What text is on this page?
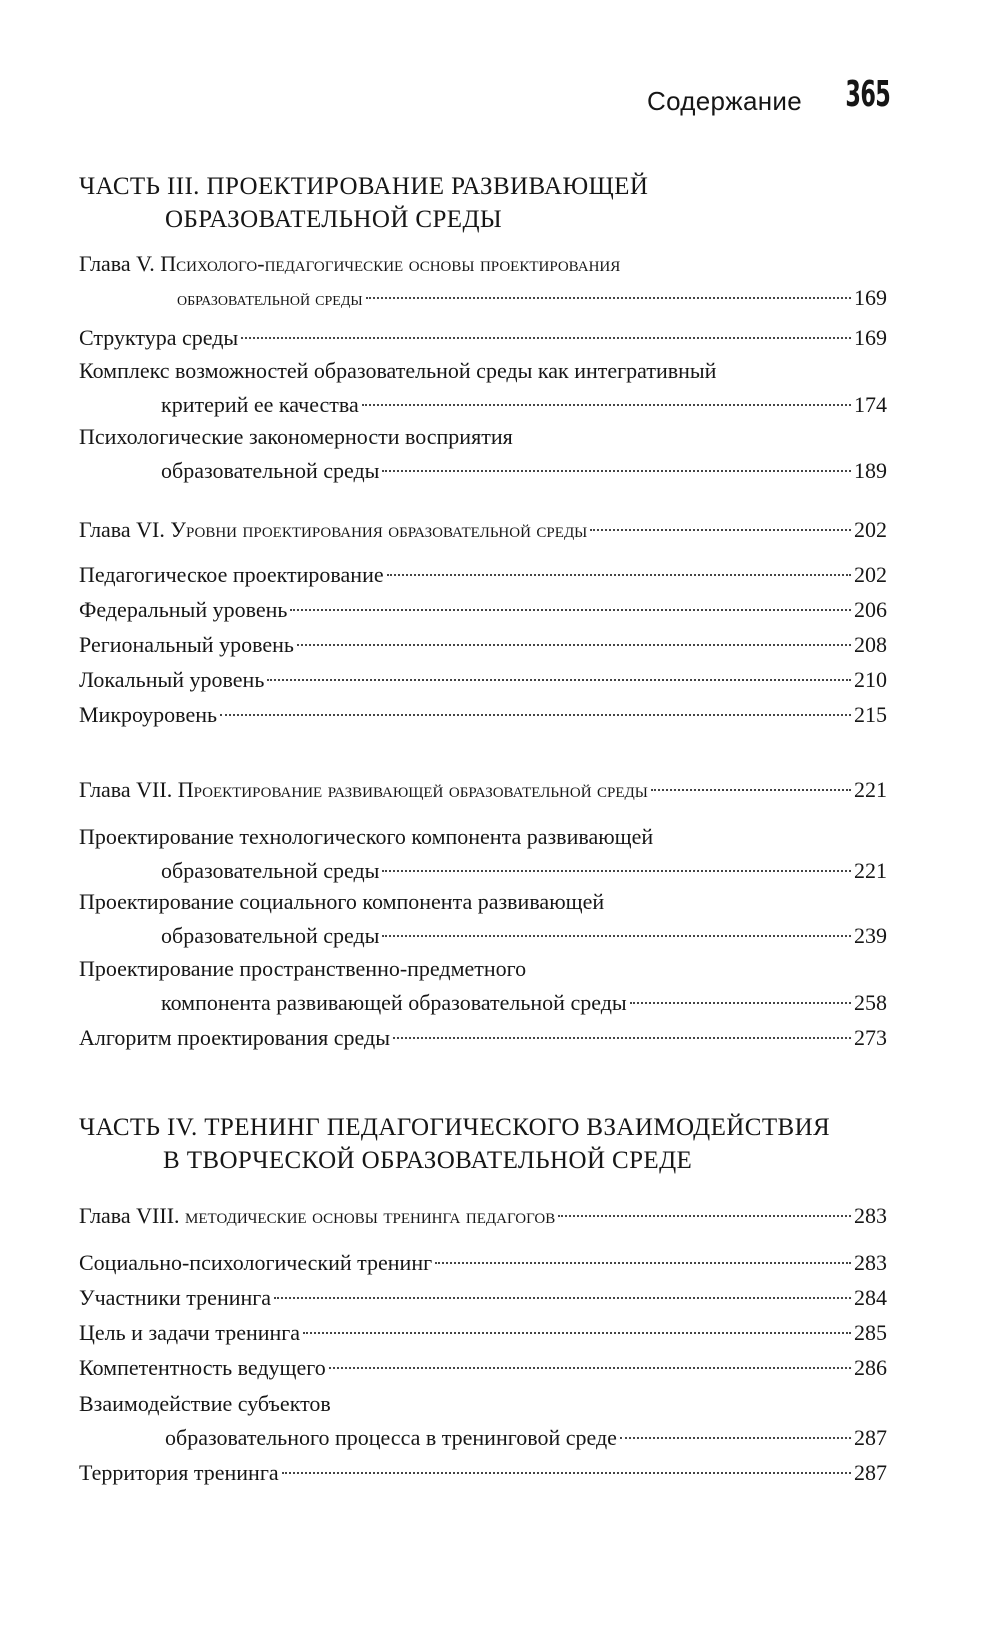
Содержание 365
ЧАСТЬ III. ПРОЕКТИРОВАНИЕ РАЗВИВАЮЩЕЙ
ОБРАЗОВАТЕЛЬНОЙ СРЕДЫ
Глава V. Психолого-педагогические основы проектирования
образовательной среды	169
Структура среды	169
Комплекс возможностей образовательной среды как интегративный
критерий ее качества	174
Психологические закономерности восприятия
образовательной среды	189
Глава VI. Уровни проектирования образовательной среды	202
Педагогическое проектирование	202
Федеральный уровень	206
Региональный уровень	208
Локальный уровень	210
Микроуровень	215
Глава VII. Проектирование развивающей образовательной среды	221
Проектирование технологического компонента развивающей
образовательной среды	221
Проектирование социального компонента развивающей
образовательной среды	239
Проектирование пространственно-предметного
компонента развивающей образовательной среды	258
Алгоритм проектирования среды	273
ЧАСТЬ IV. ТРЕНИНГ ПЕДАГОГИЧЕСКОГО ВЗАИМОДЕЙСТВИЯ
В ТВОРЧЕСКОЙ ОБРАЗОВАТЕЛЬНОЙ СРЕДЕ
Глава VIII. методические основы тренинга педагогов	283
Социально-психологический тренинг	283
Участники тренинга	284
Цель и задачи тренинга	285
Компетентность ведущего	286
Взаимодействие субъектов
образовательного процесса в тренинговой среде	287
Территория тренинга	287
